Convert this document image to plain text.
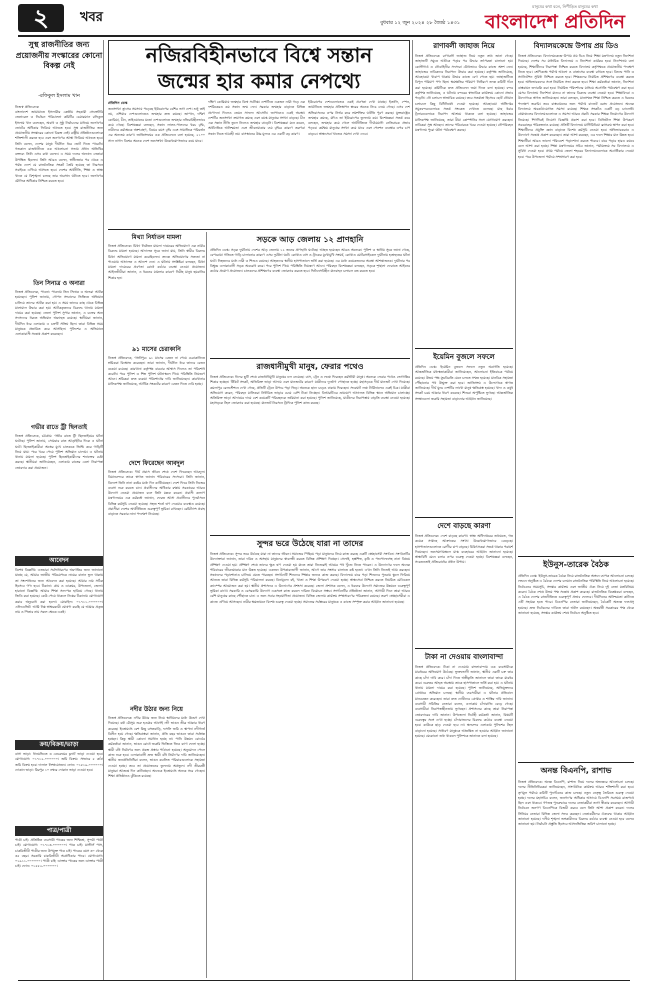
২	খবর	বুধবার ১২ জুন ২০২৪ ২৮ জ্যৈষ্ঠ ১৪৩১
মানুষের কথা বলে, নিপীড়িত মানুষের কথা
বাংলাদেশ প্রতিদিন
সুস্থ রাজনীতির জন্য প্রয়োজনীয় সংস্কারের কোনো বিকল্প নেই
-রফিকুল ইসলাম খান
নিজস্ব প্রতিবেদক
বাংলাদেশ জামায়াতে ইসলামীর কেন্দ্রীয় সহকারী সেক্রেটারি জেনারেল ও নির্বাচন পরিচালনা কমিটির চেয়ারম্যান রফিকুল ইসলাম খান বলেছেন, অবাধ ও সুষ্ঠু নির্বাচনের মাধ্যমে জনগণের ভোটের অধিকার ফিরিয়ে আনতে হবে। সুস্থ রাজনীতির জন্য প্রয়োজনীয় সংস্কারের কোনো বিকল্প নেই। রাষ্ট্রীয় প্রতিষ্ঠানগুলোকে শক্তিশালী করতে হবে এবং জনগণের আস্থা ফিরিয়ে আনতে হবে। তিনি বলেন, দেশের মানুষ দীর্ঘদিন ধরে ভোট দিতে পারেনি। গতকাল রাজধানীতে এক আলোচনা সভায় প্রধান অতিথির বক্তব্যে তিনি এসব কথা বলেন। এ সময় দলের অন্যান্য নেতারা উপস্থিত ছিলেন। তিনি আরও বলেন, স্বাধীনতার পর থেকে এ পর্যন্ত দেশে যে রাজনৈতিক সংকট তৈরি হয়েছে তা নিরসনে সবাইকে এগিয়ে আসতে হবে। দেশের অর্থনীতি, শিক্ষা ও স্বাস্থ্য খাতে যে বিশৃঙ্খলা চলছে তার অবসান ঘটাতে হবে। জনগণের মৌলিক অধিকার নিশ্চিত করতে হবে।
তিন সিনাত্র ও অন্যরা
নিজস্ব প্রতিবেদক, পাবনা: পাবনায় তিন সিনাত্র ও অন্যরা আটক হয়েছেন। পুলিশ জানায়, গোপন সংবাদের ভিত্তিতে অভিযান চালিয়ে তাদের আটক করা হয়। এ সময় তাদের কাছ থেকে বিভিন্ন মালামাল উদ্ধার করা হয়। আটককৃতদের বিরুদ্ধে থানায় মামলা দায়ের করা হয়েছে। জেলা পুলিশ সুপার জানান, এ চক্রের অন্য সদস্যদের ধরতে অভিযান অব্যাহত রয়েছে। স্থানীয়রা জানান, দীর্ঘদিন ধরে এলাকায় এ চক্রটি সক্রিয় ছিল। তারা বিভিন্ন সময় মানুষকে প্রতারিত করে আসছিল। পুলিশের এ অভিযানে এলাকাবাসী সন্তোষ প্রকাশ করেছেন।
গভীর রাতে ট্রী ছিনতাই
নিজস্ব প্রতিবেদক, চট্টগ্রাম: গভীর রাতে ট্রী ছিনতাইয়ের ঘটনা ঘটেছে। পুলিশ জানায়, সোমবার রাত আড়াইটার দিকে এ ঘটনা ঘটে। ছিনতাইকারীরা অস্ত্রের মুখে চালককে জিম্মি করে গাড়িটি নিয়ে যায়। পরে খবর পেয়ে পুলিশ অভিযান চালায়। এ ঘটনায় থানায় মামলা হয়েছে। পুলিশ ছিনতাইকারীদের শনাক্তের চেষ্টা করছে। স্থানীয়রা জানিয়েছেন, এলাকায় রাতের বেলা নিরাপত্তা জোরদার করা প্রয়োজন।
আবেদন
বিশেষ বিজ্ঞপ্তি: এতদ্বারা সর্বসাধারণের অবগতির জন্য জানানো যাচ্ছে যে, আমার জাতীয় পরিচয়পত্রে নামের বানান ভুল থাকায় তা সংশোধনের জন্য আবেদন করা হয়েছে। আমার নাম সঠিক হিসেবে গণ্য হবে। ঠিকানা: গ্রাম ও ডাকঘর, উপজেলা, জেলা। হারানো বিজ্ঞপ্তি: আমার শিক্ষা সনদপত্র হারিয়ে গেছে। থানায় জিডি করা হয়েছে। কেউ পেয়ে থাকলে নিম্নের ঠিকানায় যোগাযোগ করার অনুরোধ করা হলো। মোবাইল: ০১৭১১-০০০০০০। এফিডেভিট: আমি নিম্ন স্বাক্ষরকারী ঘোষণা করছি যে আমার প্রকৃত নাম ও পিতার নাম সকল ক্ষেত্রে একই।
ক্রয়/বিক্রয়/ভাড়া
বাসা ভাড়া: ধানমন্ডিতে ৩ বেডরুমের ফ্ল্যাট ভাড়া দেওয়া হবে। যোগাযোগ: ০১৭১২-০০০০০০। জমি বিক্রয়: সাভারে ৫ কাঠা জমি বিক্রয় হবে। দালাল নিষ্প্রয়োজন। ফোন: ০১৮১৯-০০০০০০। দোকান ভাড়া: মিরপুর ১০ নম্বরে দোকান ভাড়া দেওয়া হবে।
পাত্র/পাত্রী
পাত্রী চাই: প্রতিষ্ঠিত ব্যবসায়ী পাত্রের জন্য শিক্ষিতা, সুন্দরী পাত্রী চাই। যোগাযোগ: ০১৭১৩-০০০০০০। পাত্র চাই: মাস্টার্স পাস, চাকরিজীবী পাত্রীর জন্য উপযুক্ত পাত্র চাই। পাত্রের বয়স ৩০ থেকে ৩৫ বছর। সরকারি চাকরিজীবী অগ্রাধিকার পাবে। যোগাযোগ: ০১৯১১-০০০০০০। পাত্রী চাই: ডাক্তার পাত্রের জন্য ডাক্তার পাত্রী চাই। ফোন: ০১৫৫২-০০০০০০।
নজিরবিহীনভাবে বিশ্বে সন্তান
জন্মের হার কমার নেপথ্যে
প্রতিদিন ডেস্ক
জনসংখ্যা হ্রাসের সমস্যায় পড়েছে ইউরোপের বেশির ভাগ দেশ। শুধু তাই নয়, এশিয়ার দেশগুলোতেও জন্মহার দ্রুত কমছে। জাপান, দক্ষিণ কোরিয়া, চীন, তাইওয়ানের মতো দেশগুলোতে জন্মহার নজিরবিহীনভাবে কমে গেছে। বিশেষজ্ঞরা বলছেন, সন্তান লালন-পালনের খরচ বৃদ্ধি, নারীদের কর্মক্ষেত্রে অংশগ্রহণ, বিয়ের বয়স বৃদ্ধি এবং সামাজিক পরিবর্তন এর অন্যতম কারণ। জাতিসংঘের এক প্রতিবেদনে বলা হয়েছে, ২১০০ সাল নাগাদ বিশ্বের অনেক দেশে জনসংখ্যা উল্লেখযোগ্যভাবে কমে যাবে।
দক্ষিণ কোরিয়ায় জন্মহার বিশ্বে সর্বনিম্ন। দেশটিতে একজন নারী গড়ে এক দশমিকেরও কম সন্তান জন্ম দেন। সরকার জন্মহার বাড়াতে বিভিন্ন প্রণোদনা দিলেও তেমন সাফল্য আসেনি। জাপানেও একই অবস্থা। দেশটির জনসংখ্যা ক্রমাগত কমছে এবং বয়স্ক মানুষের সংখ্যা বাড়ছে। চীন এক সন্তান নীতি তুলে নিলেও জন্মহার বাড়েনি। বিশেষজ্ঞরা মনে করেন, অর্থনৈতিক অনিশ্চয়তা এবং জীবনযাত্রার ব্যয় বৃদ্ধির কারণে তরুণরা সন্তান নিতে আগ্রহী নয়। বাসস্থানের উচ্চ মূল্যও এর একটি বড় কারণ।
ইউরোপের দেশগুলোতেও একই প্রবণতা দেখা যাচ্ছে। ইতালি, স্পেন, জার্মানিতে জন্মহার প্রতিস্থাপন স্তরের অনেক নিচে নেমে গেছে। এসব দেশ অভিবাসনের ওপর নির্ভর করে শ্রমশক্তির ঘাটতি পূরণ করছে। যুক্তরাষ্ট্রেও জন্মহার কমছে, যদিও তা ইউরোপের তুলনায় কম। বিশেষজ্ঞরা সতর্ক করে বলছেন, জন্মহার কমে গেলে অর্থনীতিতে দীর্ঘমেয়াদি নেতিবাচক প্রভাব পড়বে। কর্মক্ষম মানুষের সংখ্যা কমে যাবে এবং পেনশন ব্যবস্থার ওপর চাপ বাড়বে। স্বাস্থ্যসেবা খাতেও সমস্যা দেখা দেবে।
মিথ্যা নির্যাতন মামলা
নিজস্ব প্রতিবেদক: মিথ্যা নির্যাতন মামলা দায়েরের অভিযোগে এক নারীর বিরুদ্ধে মামলা হয়েছে। আদালত সূত্রে জানা যায়, তিনি স্বামীর বিরুদ্ধে মিথ্যা অভিযোগে মামলা করেছিলেন। তদন্তে অভিযোগের সত্যতা না পাওয়ায় আদালত এ আদেশ দেন। এ ঘটনায় সংশ্লিষ্টরা বলছেন, মিথ্যা মামলা দায়েরের প্রবণতা রোধে কঠোর ব্যবস্থা নেওয়া প্রয়োজন। আইনজীবীরা জানান, এ ধরনের মামলার কারণে নিরীহ মানুষ হয়রানির শিকার হন।
৯১ মাসের চেরাকানি
নিজস্ব প্রতিবেদক, গাজীপুর: ৯১ মাসের বেতন না পেয়ে চেরাকানিতে শ্রমিকরা বিক্ষোভ করেছেন। তারা জানান, দীর্ঘদিন ধরে তাদের বেতন বকেয়া রয়েছে। কারখানা কর্তৃপক্ষ বারবার আশ্বাস দিলেও তা পরিশোধ করেনি। পরে পুলিশ ও শিল্প পুলিশ ঘটনাস্থলে গিয়ে পরিস্থিতি নিয়ন্ত্রণে আনে। শ্রমিকরা দ্রুত বকেয়া পরিশোধের দাবি জানিয়েছেন। কারখানার মালিকপক্ষ জানিয়েছে, আর্থিক সংকটের কারণে বেতন দিতে দেরি হচ্ছে।
দেশে ফিরেছেন আবদুল
নিজস্ব প্রতিবেদক: দীর্ঘ প্রবাস জীবন শেষে দেশে ফিরেছেন আবদুল। বিমানবন্দরে তাকে স্বাগত জানান পরিবারের সদস্যরা। তিনি জানান, বিদেশে তিনি নানা কষ্টের মধ্যে দিন কাটিয়েছেন। দেশে ফিরে তিনি নিজের ব্যবসা শুরু করতে চান। প্রবাসীদের অধিকার রক্ষায় সরকারের আরও উদ্যোগ নেওয়া প্রয়োজন বলে তিনি মন্তব্য করেন। প্রবাসী কল্যাণ মন্ত্রণালয়ের এক কর্মকর্তা জানান, ফেরত আসা প্রবাসীদের পুনর্বাসনে বিভিন্ন কর্মসূচি নেওয়া হয়েছে। সহজ শর্তে ঋণ দেওয়ার ব্যবস্থাও রয়েছে। প্রবাসীরা দেশের অর্থনীতিতে গুরুত্বপূর্ণ ভূমিকা রাখছেন। রেমিট্যান্স প্রবাহ বাড়াতে সরকার নানা পদক্ষেপ নিয়েছে।
নদীর উঠার জন্য নিয়ে
নিজস্ব প্রতিবেদক: নদীর উঠার জন্য নিয়ে স্থানীয়দের মধ্যে উদ্বেগ দেখা দিয়েছে। বর্ষা মৌসুম শুরু হওয়ার আগেই নদী ভাঙন তীব্র আকার ধারণ করেছে। ইতোমধ্যে বেশ কিছু বসতবাড়ি, ফসলি জমি ও স্থাপনা নদীগর্ভে বিলীন হয়ে গেছে। ক্ষতিগ্রস্তরা জানান, প্রতি বছর ভাঙনে তারা সর্বস্বান্ত হচ্ছেন। কিন্তু স্থায়ী কোনো সমাধান হচ্ছে না। পানি উন্নয়ন বোর্ডের কর্মকর্তারা জানান, ভাঙন রোধে জরুরি ভিত্তিতে জিও ব্যাগ ফেলা হচ্ছে। স্থায়ী বাঁধ নির্মাণের জন্য প্রকল্প প্রস্তাব পাঠানো হয়েছে। অনুমোদন পেলে কাজ শুরু হবে। এলাকাবাসী দ্রুত স্থায়ী বাঁধ নির্মাণের দাবি জানিয়েছেন। স্থানীয় জনপ্রতিনিধিরা বলেন, ভাঙন কবলিত পরিবারগুলোকে সহায়তা দেওয়া হচ্ছে। তবে তা প্রয়োজনের তুলনায় অপ্রতুল। নদী তীরবর্তী মানুষরা আতঙ্কে দিন কাটাচ্ছেন। অনেকে ইতোমধ্যে অন্যত্র সরে গেছেন। শিক্ষা প্রতিষ্ঠানও ঝুঁকিতে রয়েছে।
সড়কে আড় জেলায় ১২ প্রাণহানি
প্রতিদিন ডেস্ক: সড়ক দুর্ঘটনায় দেশের আড় জেলায় ১২ জনের প্রাণহানি ঘটেছে। আহত হয়েছেন আরও অনেকে। পুলিশ ও স্থানীয় সূত্রে জানা গেছে, বেপরোয়া গতিতে গাড়ি চালানোর কারণে এসব দুর্ঘটনা ঘটে। কোথাও বাস ও ট্রাকের মুখোমুখি সংঘর্ষ, কোথাও মোটরসাইকেল দুর্ঘটনায় হতাহতের ঘটনা ঘটে। নিহতদের মধ্যে নারী ও শিশুও রয়েছে। আহতদের স্থানীয় হাসপাতালে ভর্তি করা হয়েছে। এর মধ্যে কয়েকজনের অবস্থা আশঙ্কাজনক। দুর্ঘটনার পর বিক্ষুব্ধ এলাকাবাসী সড়ক অবরোধ করে। পরে পুলিশ গিয়ে পরিস্থিতি নিয়ন্ত্রণে আনে। পরিবহন বিশেষজ্ঞরা বলছেন, সড়কে শৃঙ্খলা ফেরাতে আইনের কঠোর প্রয়োগ প্রয়োজন। চালকদের প্রশিক্ষণের ব্যবস্থা জোরদার করতে হবে। ফিটনেসবিহীন যানবাহন চলাচল বন্ধ করতে হবে।
রাজধানীমুখী মানুষ, ফেরার পথেও
নিজস্ব প্রতিবেদক: ঈদের ছুটি শেষে রাজধানীমুখী মানুষের ঢল নেমেছে। বাস, ট্রেন ও লঞ্চে ফিরছেন কর্মজীবী মানুষ। অনেকে ফেরার পথেও ভোগান্তির শিকার হচ্ছেন। টিকিট সংকট, অতিরিক্ত ভাড়া আদায় এবং যানজটের কারণে যাত্রীদের দুর্ভোগ পোহাতে হচ্ছে। মহাসড়কে দীর্ঘ যানজট দেখা দিয়েছে। কমলাপুর রেলস্টেশনে দেখা গেছে, প্রতিটি ট্রেনে উপচে পড়া ভিড়। অনেকে ছাদে চড়েও ঢাকায় ফিরছেন। সদরঘাট লঞ্চ টার্মিনালেও একই চিত্র। যাত্রীরা অভিযোগ করেন, পরিবহন মালিকরা নির্ধারিত ভাড়ার চেয়ে বেশি টাকা নিচ্ছেন। বিআরটিএর ভ্রাম্যমাণ আদালত বিভিন্ন স্থানে অভিযান চালাচ্ছে। অতিরিক্ত ভাড়া আদায়ের দায়ে বেশ কয়েকটি পরিবহনকে জরিমানা করা হয়েছে। পুলিশ জানিয়েছে, যাত্রীদের নিরাপত্তায় বাড়তি ব্যবস্থা নেওয়া হয়েছে। মহাসড়কে টহল জোরদার করা হয়েছে। যানজট নিরসনে ট্রাফিক পুলিশ কাজ করছে।
সুন্দর ভরে উঠেছে যারা না তাদের
নিজস্ব প্রতিবেদক: সুন্দর ভরে উঠেছে যারা না তাদের জীবন। সমাজের পিছিয়ে পড়া মানুষদের নিয়ে কাজ করছে একটি স্বেচ্ছাসেবী সংগঠন। সংগঠনটির উদ্যোক্তারা জানান, তারা দরিদ্র ও অসহায় মানুষদের স্বাবলম্বী করতে বিভিন্ন প্রশিক্ষণ দিচ্ছেন। সেলাই, হস্তশিল্প, কৃষি ও পশুপালনসহ নানা বিষয়ে প্রশিক্ষণ দেওয়া হয়। প্রশিক্ষণ শেষে তাদের ক্ষুদ্র ঋণ দেওয়া হয় যাতে তারা নিজেরাই আয়ের পথ খুঁজে নিতে পারেন। এ উদ্যোগের ফলে অনেক পরিবারের জীবনযাত্রার মান উন্নত হয়েছে। একজন উপকারভোগী জানান, আগে তার সংসার চালাতে কষ্ট হতো। এখন তিনি নিজেই আয় করছেন। সন্তানদের পড়াশোনাও চালিয়ে যেতে পারছেন। সংগঠনটি শিশুদের শিক্ষার জন্যও কাজ করছে। বিদ্যালয়ে ঝরে পড়া শিশুদের পুনরায় স্কুলে ফিরিয়ে আনতে তারা বিভিন্ন কর্মসূচি পরিচালনা করছে। বিনামূল্যে বই, খাতা ও শিক্ষা উপকরণ দেওয়া হচ্ছে। স্বাস্থ্যসেবা নিশ্চিত করতে নিয়মিত মেডিকেল ক্যাম্পের আয়োজন করা হয়। স্থানীয় প্রশাসনও এ উদ্যোগের প্রশংসা করেছে। জেলা প্রশাসক বলেন, এ ধরনের উদ্যোগ সমাজের উন্নয়নে গুরুত্বপূর্ণ ভূমিকা রাখে। সরকারি ও বেসরকারি উদ্যোগ একসঙ্গে কাজ করলে দারিদ্র্য বিমোচন সম্ভব। সংগঠনটির প্রতিষ্ঠাতা জানান, আগামী দিনে তারা আরও বেশি মানুষের কাছে পৌঁছাতে চান। এ জন্য সবার সহযোগিতা প্রয়োজন। বিভিন্ন জেলায় কার্যক্রম সম্প্রসারণের পরিকল্পনা রয়েছে। তরুণ স্বেচ্ছাসেবীরা এ কাজে এগিয়ে আসছেন। নারীর ক্ষমতায়নে বিশেষ গুরুত্ব দেওয়া হচ্ছে। সমাজের সর্বস্তরের মানুষকে এ কাজে সম্পৃক্ত করার আহ্বান জানানো হয়েছে।
রাণাবলী জাহাজ নিয়ে
নিজস্ব প্রতিবেদক: রাণাবলী জাহাজ নিয়ে নতুন তথ্য জানা গেছে। জাহাজটি সমুদ্রে আটকে পড়ার পর উদ্ধার তৎপরতা চালানো হয়। কোস্টগার্ড ও নৌবাহিনীর সদস্যরা যৌথভাবে উদ্ধার কাজে অংশ নেন। জাহাজের নাবিকদের নিরাপদে উদ্ধার করা হয়েছে। কর্তৃপক্ষ জানিয়েছে, আবহাওয়া খারাপ থাকায় উদ্ধার কাজে বেগ পেতে হয়। জাহাজটিতে বিপুল পরিমাণ পণ্য ছিল। ক্ষয়ক্ষতির পরিমাণ নির্ধারণে তদন্ত কমিটি গঠন করা হয়েছে। কমিটিকে দ্রুত প্রতিবেদন জমা দিতে বলা হয়েছে। বন্দর কর্তৃপক্ষ জানিয়েছে, এ ঘটনায় বন্দরের স্বাভাবিক কার্যক্রমে কোনো প্রভাব পড়েনি। নৌ চলাচল স্বাভাবিক রয়েছে। তবে সতর্কতা হিসেবে ছোট নৌযান চলাচলে কিছু বিধিনিষেধ দেওয়া হয়েছে। আবহাওয়া অধিদপ্তর সমুদ্রবন্দরগুলোকে সতর্ক সংকেত দেখাতে বলেছে। মাছ ধরার ট্রলারগুলোকে নিরাপদ আশ্রয়ে থাকতে বলা হয়েছে। জাহাজের মালিকপক্ষ জানিয়েছে, তারা বীমা কোম্পানির সঙ্গে যোগাযোগ করছেন। নাবিকরা সুস্থ আছেন। তাদের পরিবারকে খবর দেওয়া হয়েছে। নৌপরিবহন মন্ত্রণালয় পুরো ঘটনা পর্যবেক্ষণ করছে।
ইয়েমিন বুজলে সফলে
প্রতিদিন ডেস্ক: ইয়েমিন বুজলে সফলে নতুন অগ্রগতি হয়েছে। আন্তর্জাতিক মধ্যস্থতাকারীরা জানিয়েছেন, আলোচনা ইতিবাচক পর্যায়ে রয়েছে। উভয় পক্ষ যুদ্ধবিরতি মেনে চলতে সম্মত হয়েছে। মানবিক সহায়তা পৌঁছানোর পথ উন্মুক্ত করা হবে। জাতিসংঘ এ উদ্যোগকে স্বাগত জানিয়েছে। দীর্ঘ যুদ্ধে দেশটির লাখো মানুষ ক্ষতিগ্রস্ত হয়েছে। খাদ্য ও ওষুধ সংকট চরম আকার ধারণ করেছে। শিশুরা অপুষ্টিতে ভুগছে। আন্তর্জাতিক সংস্থাগুলো জরুরি সহায়তা বাড়ানোর আহ্বান জানিয়েছে।
দেশে বাড়ছে কারণা
নিজস্ব প্রতিবেদক: দেশে বাড়ছে কারণা। স্বাস্থ্য অধিদপ্তরের তথ্যমতে, গত কয়েক সপ্তাহে আক্রান্তের সংখ্যা উল্লেখযোগ্যভাবে বেড়েছে। হাসপাতালগুলোতে রোগীর চাপ বাড়ছে। চিকিৎসকরা সতর্ক থাকার পরামর্শ দিয়েছেন। জনসমাগমস্থলে মাস্ক ব্যবহারের আহ্বান জানানো হয়েছে। স্বাস্থ্যবিধি মেনে চলার ওপর গুরুত্ব দেওয়া হচ্ছে। বিশেষজ্ঞরা বলছেন, সচেতনতাই প্রতিরোধের প্রধান উপায়।
টাকা না দেওয়ায় বাংলাবান্দা
নিজস্ব প্রতিবেদক: টাকা না দেওয়ায় বাংলাবান্দায় এক ব্যবসায়ীকে মারধরের অভিযোগ উঠেছে। ভুক্তভোগী জানান, স্থানীয় একটি চক্র তার কাছে চাঁদা দাবি করে। চাঁদা দিতে অস্বীকৃতি জানালে তারা তাকে মারধর করে। গুরুতর আহত অবস্থায় তাকে হাসপাতালে ভর্তি করা হয়। এ ঘটনায় থানায় মামলা দায়ের করা হয়েছে। পুলিশ জানিয়েছে, অভিযুক্তদের গ্রেপ্তারে অভিযান চলছে। স্থানীয় ব্যবসায়ীরা এ ঘটনার প্রতিবাদে মানববন্ধন করেছেন। তারা দ্রুত দোষীদের গ্রেপ্তার ও শাস্তির দাবি জানান। ব্যবসায়ী সমিতির নেতারা বলেন, এলাকায় চাঁদাবাজি বেড়ে গেছে। ব্যবসায়ীরা নিরাপত্তাহীনতায় ভুগছেন। প্রশাসনের কাছে তারা নিরাপত্তা জোরদারের দাবি জানান। উপজেলা নির্বাহী কর্মকর্তা জানান, বিষয়টি গুরুত্বের সঙ্গে দেখা হচ্ছে। চাঁদাবাজদের বিরুদ্ধে কঠোর ব্যবস্থা নেওয়া হবে। কাউকে ছাড় দেওয়া হবে না। স্থলবন্দর এলাকায় পুলিশের টহল বাড়ানো হয়েছে। সাধারণ মানুষকে আতঙ্কিত না হওয়ার আহ্বান জানানো হয়েছে। যেকোনো তথ্য থাকলে পুলিশকে জানাতে বলা হয়েছে।
বিদ্যালয়কেন্দ্রে উপায় প্রয় ডিও
নিজস্ব প্রতিবেদক: বিদ্যালয়কেন্দ্রে উপায় প্রয় ডিও নিয়ে শিক্ষা মন্ত্রণালয় নতুন নির্দেশনা দিয়েছে। দেশের সব মাধ্যমিক বিদ্যালয়ে এ নির্দেশনা কার্যকর হবে। নির্দেশনায় বলা হয়েছে, শিক্ষার্থীদের নিরাপত্তা নিশ্চিত করতে বিদ্যালয় কর্তৃপক্ষকে প্রয়োজনীয় পদক্ষেপ নিতে হবে। শ্রেণিকক্ষে পর্যাপ্ত আলো ও বাতাসের ব্যবস্থা রাখতে হবে। বিশুদ্ধ পানি ও স্যানিটেশন সুবিধা নিশ্চিত করতে হবে। শিক্ষকদের নিয়মিত প্রশিক্ষণের ব্যবস্থা করতে হবে। অভিভাবকদের সঙ্গে নিয়মিত সভা করতে হবে। শিক্ষা কর্মকর্তারা জানান, নির্দেশনা বাস্তবায়ন তদারকি করা হবে। নিয়মিত পরিদর্শনের মাধ্যমে অগ্রগতি পর্যবেক্ষণ করা হবে। যেসব বিদ্যালয় নির্দেশনা মানবে না তাদের বিরুদ্ধে ব্যবস্থা নেওয়া হবে। শিক্ষাবিদরা এ উদ্যোগকে স্বাগত জানিয়েছেন। তারা বলছেন, মানসম্মত শিক্ষা নিশ্চিত করতে এ ধরনের পদক্ষেপ জরুরি। তবে বাস্তবায়নের জন্য পর্যাপ্ত বাজেট বরাদ্দ প্রয়োজন। অনেক বিদ্যালয়ে অবকাঠামোগত সমস্যা রয়েছে। শিক্ষক সংকটও একটি বড় চ্যালেঞ্জ। গ্রামাঞ্চলের বিদ্যালয়গুলোতে এ সমস্যা আরও প্রকট। সরকার শিক্ষক নিয়োগের উদ্যোগ নিয়েছে। শিগগিরই নিয়োগ বিজ্ঞপ্তি প্রকাশ করা হবে। ডিজিটাল শিক্ষা উপকরণ সরবরাহের পরিকল্পনাও রয়েছে। প্রতিটি বিদ্যালয়ে মাল্টিমিডিয়া ক্লাসরুম স্থাপন করা হবে। শিক্ষার্থীদের প্রযুক্তি জ্ঞান বাড়াতে বিশেষ কর্মসূচি নেওয়া হবে। অভিভাবকরাও এ উদ্যোগে সন্তোষ প্রকাশ করেছেন। তারা আশা করছেন, এর ফলে শিক্ষার মান উন্নত হবে। শিক্ষার্থীরা আরও ভালো পরিবেশে পড়াশোনা করতে পারবে। ঝরে পড়ার হারও কমবে বলে আশা করা হচ্ছে। শিক্ষা মন্ত্রণালয়ের সচিব জানান, পর্যায়ক্রমে সব বিদ্যালয়ে এ সুবিধা দেওয়া হবে। প্রথম পর্যায়ে জেলা শহরের বিদ্যালয়গুলোকে অগ্রাধিকার দেওয়া হবে। পরে উপজেলা পর্যায়ে সম্প্রসারণ করা হবে।
ইউনুস-তারেক বৈঠক
প্রতিদিন ডেস্ক: ইউনুস-তারেক বৈঠক নিয়ে রাজনৈতিক অঙ্গনে ব্যাপক আলোচনা চলছে। লন্ডনে অনুষ্ঠিত এ বৈঠকে দেশের চলমান রাজনৈতিক পরিস্থিতি নিয়ে আলোচনা হয়েছে। নির্বাচনের সময়সূচি, সংস্কার কার্যক্রম এবং জাতীয় ঐক্য নিয়ে দুই নেতা মতবিনিময় করেন। বৈঠক শেষে উভয় পক্ষ সন্তোষ প্রকাশ করেছে। রাজনৈতিক বিশ্লেষকরা বলছেন, এ বৈঠক দেশের রাজনীতিতে গুরুত্বপূর্ণ প্রভাব ফেলবে। দীর্ঘদিনের অনিশ্চয়তা কাটাতে এটি সহায়ক হতে পারে। বিএনপির নেতারা জানিয়েছেন, বৈঠকটি অত্যন্ত ফলপ্রসূ হয়েছে। দ্রুত নির্বাচনের দাবিতে তারা অটল রয়েছেন। অন্তর্বর্তী সরকারের পক্ষ থেকে জানানো হয়েছে, সংস্কার কার্যক্রম শেষে নির্বাচন অনুষ্ঠিত হবে।
অনন্ত বিএনপি, রাশাভ
নিজস্ব প্রতিবেদক: অনন্ত বিএনপি, রাশাভ নিয়ে দলের অভ্যন্তরে আলোচনা চলছে। দলের নীতিনির্ধারকরা জানিয়েছেন, সাংগঠনিক কার্যক্রম আরও শক্তিশালী করা হবে। তৃণমূল পর্যায়ে কমিটি পুনর্গঠনের কাজ চলছে। নতুন নেতৃত্ব তৈরিতে গুরুত্ব দেওয়া হচ্ছে। দলের মহাসচিব বলেন, জনগণের অধিকার আদায়ে বিএনপি সবসময় রাজপথে ছিল এবং থাকবে। গণতন্ত্র পুনরুদ্ধারে দলের নেতাকর্মীরা ত্যাগ স্বীকার করেছেন। আগামী নির্বাচনে জনগণ বিএনপিকে বিজয়ী করবে বলে তিনি আশা প্রকাশ করেন। দলের সিনিয়র নেতারা বিভিন্ন জেলা সফর করছেন। নেতাকর্মীদের ঐক্যবদ্ধ থাকার আহ্বান জানানো হয়েছে। দলীয় শৃঙ্খলা ভঙ্গকারীদের বিরুদ্ধে কঠোর ব্যবস্থা নেওয়া হবে বলেও জানানো হয়। নির্বাচনি প্রস্তুতি হিসেবে আসনভিত্তিক জরিপ চালানো হচ্ছে।
